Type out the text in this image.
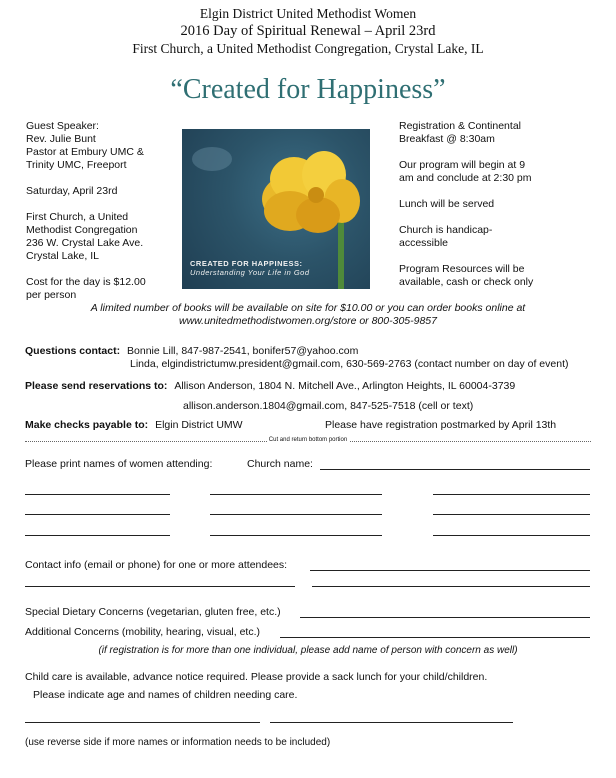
Elgin District United Methodist Women
2016 Day of Spiritual Renewal – April 23rd
First Church, a United Methodist Congregation, Crystal Lake, IL
“Created for Happiness”

Guest Speaker:

Rev. Julie Bunt

Pastor at Embury UMC &

Trinity UMC, Freeport

Saturday, April 23rd

First Church, a United

Methodist Congregation

236 W. Crystal Lake Ave.

Crystal Lake, IL

Cost for the day is $12.00

per person

CREATED FOR HAPPINESS:
Understanding Your Life in God

Registration & Continental

Breakfast @ 8:30am

Our program will begin at 9

am and conclude at 2:30 pm

Lunch will be served

Church is handicap-

accessible

Program Resources will be

available, cash or check only

A limited number of books will be available on site for $10.00 or you can order books online at
www.unitedmethodistwomen.org/store or 800-305-9857
Questions contact: Bonnie Lill, 847-987-2541, bonifer57@yahoo.com
Linda, elgindistrictumw.president@gmail.com, 630-569-2763 (contact number on day of event)
Please send reservations to: Allison Anderson, 1804 N. Mitchell Ave., Arlington Heights, IL 60004-3739
allison.anderson.1804@gmail.com, 847-525-7518 (cell or text)
Make checks payable to: Elgin District UMW	Please have registration postmarked by April 13th
Cut and return bottom portion
Please print names of women attending:	Church name:
Contact info (email or phone) for one or more attendees:
Special Dietary Concerns (vegetarian, gluten free, etc.)
Additional Concerns (mobility, hearing, visual, etc.)
(if registration is for more than one individual, please add name of person with concern as well)
Child care is available, advance notice required. Please provide a sack lunch for your child/children.
Please indicate age and names of children needing care.
(use reverse side if more names or information needs to be included)
